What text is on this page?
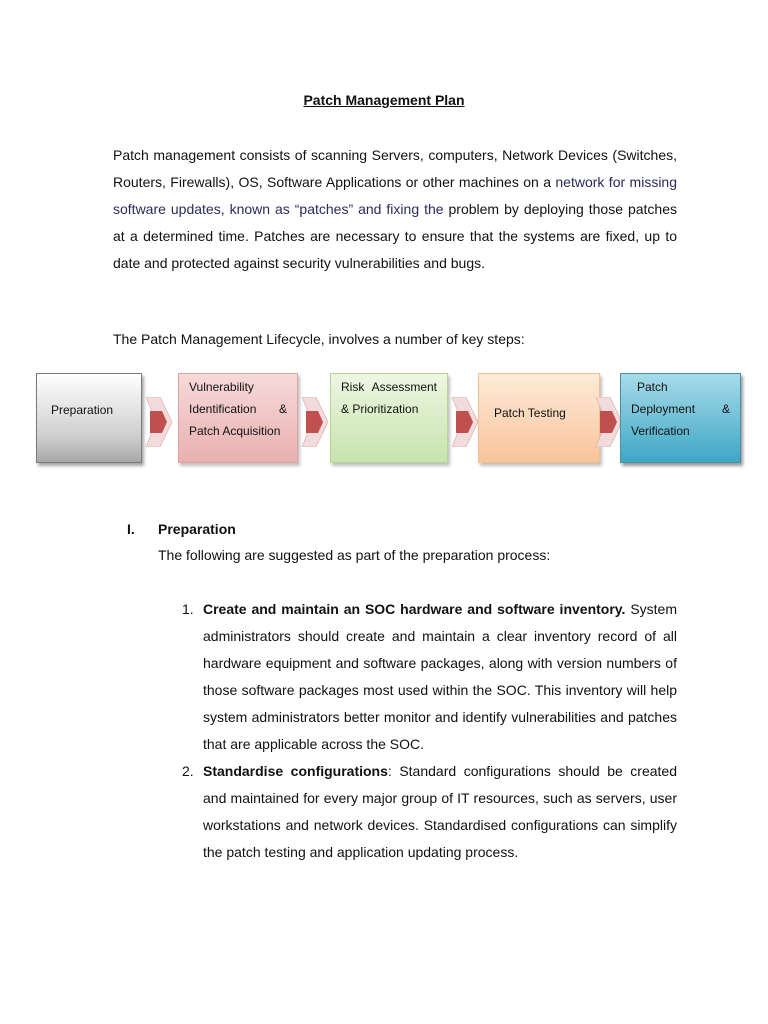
Patch Management Plan
Patch management consists of scanning Servers, computers, Network Devices (Switches, Routers, Firewalls), OS, Software Applications or other machines on a network for missing software updates, known as “patches” and fixing the problem by deploying those patches at a determined time. Patches are necessary to ensure that the systems are fixed, up to date and protected against security vulnerabilities and bugs.
The Patch Management Lifecycle, involves a number of key steps:
Preparation
Vulnerability
Identification &
Patch Acquisition
Risk Assessment
& Prioritization	Patch Testing
Patch
Deployment &
Verification
I. Preparation
The following are suggested as part of the preparation process:
1. Create and maintain an SOC hardware and software inventory. System administrators should create and maintain a clear inventory record of all hardware equipment and software packages, along with version numbers of those software packages most used within the SOC. This inventory will help system administrators better monitor and identify vulnerabilities and patches that are applicable across the SOC.
2. Standardise configurations: Standard configurations should be created and maintained for every major group of IT resources, such as servers, user workstations and network devices. Standardised configurations can simplify the patch testing and application updating process.
